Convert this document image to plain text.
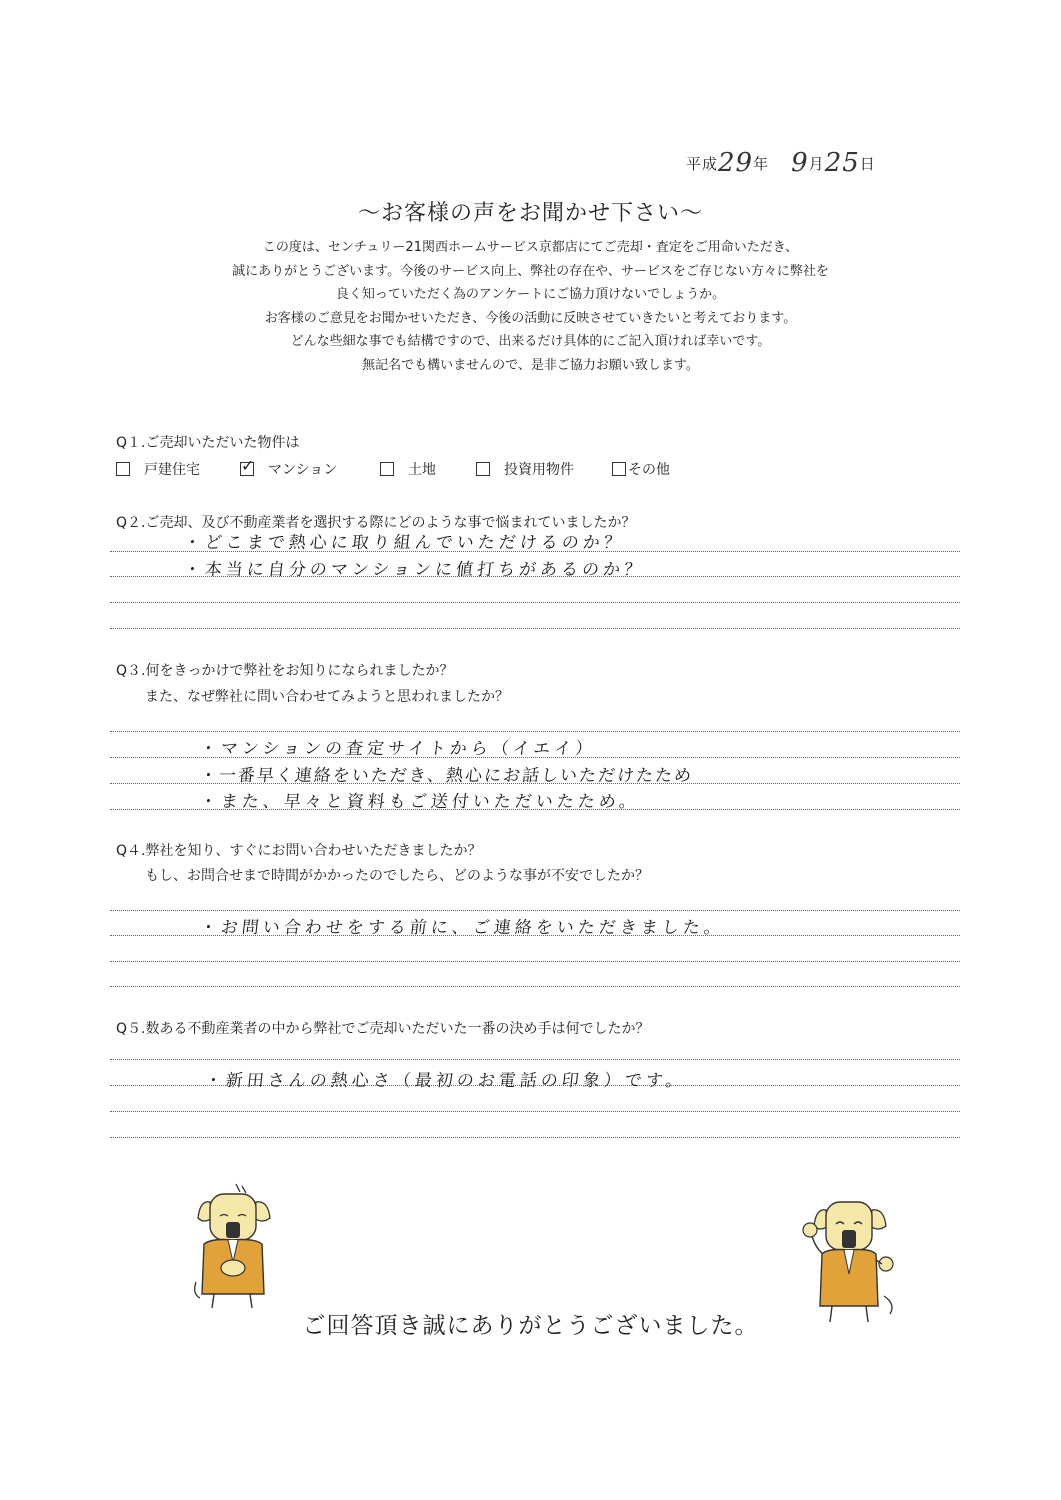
平成29年 9月25日
〜お客様の声をお聞かせ下さい〜
この度は、センチュリー21関西ホームサービス京都店にてご売却・査定をご用命いただき、
誠にありがとうございます。今後のサービス向上、弊社の存在や、サービスをご存じない方々に弊社を
良く知っていただく為のアンケートにご協力頂けないでしょうか。
お客様のご意見をお聞かせいただき、今後の活動に反映させていきたいと考えております。
どんな些細な事でも結構ですので、出来るだけ具体的にご記入頂ければ幸いです。
無記名でも構いませんので、是非ご協力お願い致します。
Q１.ご売却いただいた物件は
戸建住宅
✓	マンション	土地	投資用物件	その他
Q２.ご売却、及び不動産業者を選択する際にどのような事で悩まれていましたか？
・どこまで熱心に取り組んでいただけるのか？
・本当に自分のマンションに値打ちがあるのか？
Q３.何をきっかけで弊社をお知りになられましたか？
また、なぜ弊社に問い合わせてみようと思われましたか？
・マンションの査定サイトから（イエイ）
・一番早く連絡をいただき、熱心にお話しいただけたため
・また、早々と資料もご送付いただいたため。
Q４.弊社を知り、すぐにお問い合わせいただきましたか？
もし、お問合せまで時間がかかったのでしたら、どのような事が不安でしたか？
・お問い合わせをする前に、ご連絡をいただきました。
Q５.数ある不動産業者の中から弊社でご売却いただいた一番の決め手は何でしたか？
・新田さんの熱心さ（最初のお電話の印象）です。
ご回答頂き誠にありがとうございました。
